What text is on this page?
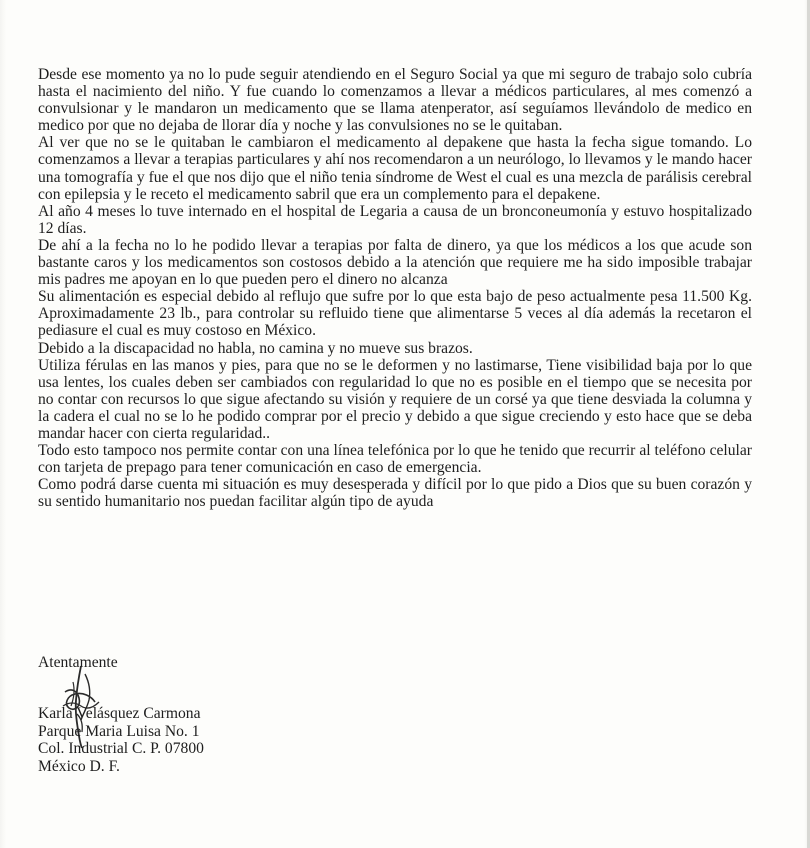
Desde ese momento ya no lo pude seguir atendiendo en el Seguro Social ya que mi seguro de trabajo solo cubría hasta el nacimiento del niño. Y fue cuando lo comenzamos a llevar a médicos particulares, al mes comenzó a convulsionar y le mandaron un medicamento que se llama atenperator, así seguíamos llevándolo de medico en medico por que no dejaba de llorar día y noche y las convulsiones no se le quitaban.

Al ver que no se le quitaban le cambiaron el medicamento al depakene que hasta la fecha sigue tomando. Lo comenzamos a llevar a terapias particulares y ahí nos recomendaron a un neurólogo, lo llevamos y le mando hacer una tomografía y fue el que nos dijo que el niño tenia síndrome de West el cual es una mezcla de parálisis cerebral con epilepsia y le receto el medicamento sabril que era un complemento para el depakene.

Al año 4 meses lo tuve internado en el hospital de Legaria a causa de un bronconeumonía y estuvo hospitalizado 12 días.

De ahí a la fecha no lo he podido llevar a terapias por falta de dinero, ya que los médicos a los que acude son bastante caros y los medicamentos son costosos debido a la atención que requiere me ha sido imposible trabajar mis padres me apoyan en lo que pueden pero el dinero no alcanza

Su alimentación es especial debido al reflujo que sufre por lo que esta bajo de peso actualmente pesa 11.500 Kg. Aproximadamente 23 lb., para controlar su refluido tiene que alimentarse 5 veces al día además la recetaron el pediasure el cual es muy costoso en México.

Debido a la discapacidad no habla, no camina y no mueve sus brazos.

Utiliza férulas en las manos y pies, para que no se le deformen y no lastimarse, Tiene visibilidad baja por lo que usa lentes, los cuales deben ser cambiados con regularidad lo que no es posible en el tiempo que se necesita por no contar con recursos lo que sigue afectando su visión y requiere de un corsé ya que tiene desviada la columna y la cadera el cual no se lo he podido comprar por el precio y debido a que sigue creciendo y esto hace que se deba mandar hacer con cierta regularidad..

Todo esto tampoco nos permite contar con una línea telefónica por lo que he tenido que recurrir al teléfono celular con tarjeta de prepago para tener comunicación en caso de emergencia.

Como podrá darse cuenta mi situación es muy desesperada y difícil por lo que pido a Dios que su buen corazón y su sentido humanitario nos puedan facilitar algún tipo de ayuda

Atentamente
Karla Velásquez Carmona
Parque Maria Luisa No. 1
Col. Industrial C. P. 07800
México D. F.
